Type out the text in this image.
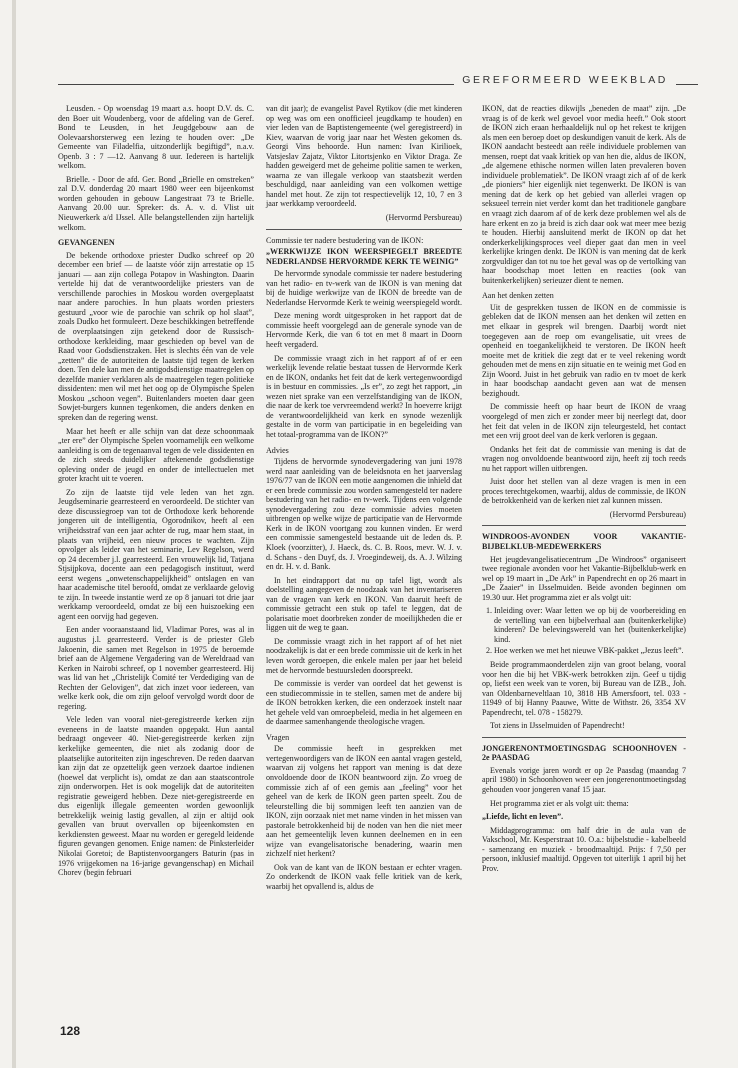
GEREFORMEERD WEEKBLAD

Leusden. - Op woensdag 19 maart a.s. hoopt D.V. ds. C. den Boer uit Woudenberg, voor de afdeling van de Geref. Bond te Leusden, in het Jeugdgebouw aan de Oolevaarshorsterweg een lezing te houden over: „De Gemeente van Filadelfia, uitzonderlijk begiftigd”, n.a.v. Openb. 3 : 7 —12. Aanvang 8 uur. Iedereen is hartelijk welkom.

Brielle. - Door de afd. Ger. Bond „Brielle en omstreken” zal D.V. donderdag 20 maart 1980 weer een bijeenkomst worden gehouden in gebouw Langestraat 73 te Brielle. Aanvang 20.00 uur. Spreker: ds. A. v. d. Vlist uit Nieuwerkerk a/d IJssel. Alle belangstellenden zijn hartelijk welkom.

GEVANGENEN

De bekende orthodoxe priester Dudko schreef op 20 december een brief — de laatste vóór zijn arrestatie op 15 januari — aan zijn collega Potapov in Washington. Daarin vertelde hij dat de verantwoordelijke priesters van de verschillende parochies in Moskou worden overgeplaatst naar andere parochies. In hun plaats worden priesters gestuurd „voor wie de parochie van schrik op hol slaat”, zoals Dudko het formuleert. Deze beschikkingen betreffende de overplaatsingen zijn getekend door de Russisch-orthodoxe kerkleiding, maar geschieden op bevel van de Raad voor Godsdienstzaken. Het is slechts één van de vele „zetten” die de autoriteiten de laatste tijd tegen de kerken doen. Ten dele kan men de antigodsdienstige maatregelen op dezelfde manier verklaren als de maatregelen tegen politieke dissidenten: men wil met het oog op de Olympische Spelen Moskou „schoon vegen”. Buitenlanders moeten daar geen Sowjet-burgers kunnen tegenkomen, die anders denken en spreken dan de regering wenst.

Maar het heeft er alle schijn van dat deze schoonmaak „ter ere” der Olympische Spelen voornamelijk een welkome aanleiding is om de tegenaanval tegen de vele dissidenten en de zich steeds duidelijker aftekenende godsdienstige opleving onder de jeugd en onder de intellectuelen met groter kracht uit te voeren.

Zo zijn de laatste tijd vele leden van het zgn. Jeugdseminarie gearresteerd en veroordeeld. De stichter van deze discussiegroep van tot de Orthodoxe kerk behorende jongeren uit de intelligentia, Ogorodnikov, heeft al een vrijheidsstraf van een jaar achter de rug, maar hem staat, in plaats van vrijheid, een nieuw proces te wachten. Zijn opvolger als leider van het seminarie, Lev Regelson, werd op 24 december j.l. gearresteerd. Een vrouwelijk lid, Tatjana Stjsijpkova, docente aan een pedagogisch instituut, werd eerst wegens „onwetenschappelijkheid” ontslagen en van haar academische titel beroofd, omdat ze verklaarde gelovig te zijn. In tweede instantie werd ze op 8 januari tot drie jaar werkkamp veroordeeld, omdat ze bij een huiszoeking een agent een oorvijg had gegeven.

Een ander vooraanstaand lid, Vladimar Pores, was al in augustus j.l. gearresteerd. Verder is de priester Gleb Jakoenin, die samen met Regelson in 1975 de beroemde brief aan de Algemene Vergadering van de Wereldraad van Kerken in Nairobi schreef, op 1 november gearresteerd. Hij was lid van het „Christelijk Comité ter Verdediging van de Rechten der Gelovigen”, dat zich inzet voor iedereen, van welke kerk ook, die om zijn geloof vervolgd wordt door de regering.

Vele leden van vooral niet-geregistreerde kerken zijn eveneens in de laatste maanden opgepakt. Hun aantal bedraagt ongeveer 40. Niet-geregistreerde kerken zijn kerkelijke gemeenten, die niet als zodanig door de plaatselijke autoriteiten zijn ingeschreven. De reden daarvan kan zijn dat ze opzettelijk geen verzoek daartoe indienen (hoewel dat verplicht is), omdat ze dan aan staatscontrole zijn onderworpen. Het is ook mogelijk dat de autoriteiten registratie geweigerd hebben. Deze niet-geregistreerde en dus eigenlijk illegale gemeenten worden gewoonlijk betrekkelijk weinig lastig gevallen, al zijn er altijd ook gevallen van bruut overvallen op bijeenkomsten en kerkdiensten geweest. Maar nu worden er geregeld leidende figuren gevangen genomen. Enige namen: de Pinksterleider Nikolai Goretoi; de Baptistenvoorgangers Baturin (pas in 1976 vrijgekomen na 16-jarige gevangenschap) en Michail Chorev (begin februari

van dit jaar); de evangelist Pavel Rytikov (die met kinderen op weg was om een onofficieel jeugdkamp te houden) en vier leden van de Baptistengemeente (wel geregistreerd) in Kiev, waarvan de vorig jaar naar het Westen gekomen ds. Georgi Vins behoorde. Hun namen: Ivan Kirilioek, Vatsjeslav Zajatz, Viktor Litortsjenko en Viktor Draga. Ze hadden geweigerd met de geheime politie samen te werken, waarna ze van illegale verkoop van staatsbezit werden beschuldigd, naar aanleiding van een volkomen wettige handel met hout. Ze zijn tot respectievelijk 12, 10, 7 en 3 jaar werkkamp veroordeeld.

(Hervormd Persbureau)

Commissie ter nadere bestudering van de IKON:
„WERKWIJZE IKON WEERSPIEGELT BREEDTE NEDERLANDSE HERVORMDE KERK TE WEINIG”

De hervormde synodale commissie ter nadere bestudering van het radio- en tv-werk van de IKON is van mening dat bij de huidige werkwijze van de IKON de breedte van de Nederlandse Hervormde Kerk te weinig weerspiegeld wordt.

Deze mening wordt uitgesproken in het rapport dat de commissie heeft voorgelegd aan de generale synode van de Hervormde Kerk, die van 6 tot en met 8 maart in Doorn heeft vergaderd.

De commissie vraagt zich in het rapport af of er een werkelijk levende relatie bestaat tussen de Hervormde Kerk en de IKON, ondanks het feit dat de kerk vertegenwoordigd is in bestuur en commissies. „Is er”, zo zegt het rapport, „in wezen niet sprake van een verzelfstandiging van de IKON, die naar de kerk toe vervreemdend werkt? In hoeverre krijgt de verantwoordelijkheid van kerk en synode wezenlijk gestalte in de vorm van participatie in en begeleiding van het totaal-programma van de IKON?”

Advies

Tijdens de hervormde synodevergadering van juni 1978 werd naar aanleiding van de beleidsnota en het jaarverslag 1976/77 van de IKON een motie aangenomen die inhield dat er een brede commissie zou worden samengesteld ter nadere bestudering van het radio- en tv-werk. Tijdens een volgende synodevergadering zou deze commissie advies moeten uitbrengen op welke wijze de participatie van de Hervormde Kerk in de IKON voortgang zou kunnen vinden. Er werd een commissie samengesteld bestaande uit de leden ds. P. Kloek (voorzitter), J. Haeck, ds. C. B. Roos, mevr. W. J. v. d. Schans - den Duyf, ds. J. Vroegindeweij, ds. A. J. Wilzing en dr. H. v. d. Bank.

In het eindrapport dat nu op tafel ligt, wordt als doelstelling aangegeven de noodzaak van het inventariseren van de vragen van kerk en IKON. Van daaruit heeft de commissie getracht een stuk op tafel te leggen, dat de polarisatie moet doorbreken zonder de moeilijkheden die er liggen uit de weg te gaan.

De commissie vraagt zich in het rapport af of het niet noodzakelijk is dat er een brede commissie uit de kerk in het leven wordt geroepen, die enkele malen per jaar het beleid met de hervormde bestuursleden doorspreekt.

De commissie is verder van oordeel dat het gewenst is een studiecommissie in te stellen, samen met de andere bij de IKON betrokken kerken, die een onderzoek instelt naar het gehele veld van omroepbeleid, media in het algemeen en de daarmee samenhangende theologische vragen.

Vragen

De commissie heeft in gesprekken met vertegenwoordigers van de IKON een aantal vragen gesteld, waarvan zij volgens het rapport van mening is dat deze onvoldoende door de IKON beantwoord zijn. Zo vroeg de commissie zich af of een gemis aan „feeling” voor het geheel van de kerk de IKON geen parten speelt. Zou de teleurstelling die bij sommigen leeft ten aanzien van de IKON, zijn oorzaak niet met name vinden in het missen van pastorale betrokkenheid bij de noden van hen die niet meer aan het gemeentelijk leven kunnen deelnemen en in een wijze van evangelisatorische benadering, waarin men zichzelf niet herkent?

Ook van de kant van de IKON bestaan er echter vragen. Zo onderkendt de IKON vaak felle kritiek van de kerk, waarbij het opvallend is, aldus de

IKON, dat de reacties dikwijls „beneden de maat” zijn. „De vraag is of de kerk wel gevoel voor media heeft.” Ook stoort de IKON zich eraan herhaaldelijk nul op het rekest te krijgen als men een beroep doet op deskundigen vanuit de kerk. Als de IKON aandacht besteedt aan reële individuele problemen van mensen, roept dat vaak kritiek op van hen die, aldus de IKON, „de algemene ethische normen willen laten prevaleren boven individuele problematiek”. De IKON vraagt zich af of de kerk „de pioniers” hier eigenlijk niet tegenwerkt. De IKON is van mening dat de kerk op het gebied van allerlei vragen op seksueel terrein niet verder komt dan het traditionele gangbare en vraagt zich daarom af of de kerk deze problemen wel als de hare erkent en zo ja breid is zich daar ook wat meer mee bezig te houden. Hierbij aansluitend merkt de IKON op dat het onderkerkelijkingsproces veel dieper gaat dan men in veel kerkelijke kringen denkt. De IKON is van mening dat de kerk zorgvuldiger dan tot nu toe het geval was op de vertolking van haar boodschap moet letten en reacties (ook van buitenkerkelijken) serieuzer dient te nemen.

Aan het denken zetten

Uit de gesprekken tussen de IKON en de commissie is gebleken dat de IKON mensen aan het denken wil zetten en met elkaar in gesprek wil brengen. Daarbij wordt niet toegegeven aan de roep om evangelisatie, uit vrees de openheid en toegankelijkheid te verstoren. De IKON heeft moeite met de kritiek die zegt dat er te veel rekening wordt gehouden met de mens en zijn situatie en te weinig met God en Zijn Woord. Juist in het gebruik van radio en tv moet de kerk in haar boodschap aandacht geven aan wat de mensen bezighoudt.

De commissie heeft op haar beurt de IKON de vraag voorgelegd of men zich er zonder meer bij neerlegt dat, door het feit dat velen in de IKON zijn teleurgesteld, het contact met een vrij groot deel van de kerk verloren is gegaan.

Ondanks het feit dat de commissie van mening is dat de vragen nog onvoldoende beantwoord zijn, heeft zij toch reeds nu het rapport willen uitbrengen.

Juist door het stellen van al deze vragen is men in een proces terechtgekomen, waarbij, aldus de commissie, de IKON de betrokkenheid van de kerken niet zal kunnen missen.

(Hervormd Persbureau)

WINDROOS-AVONDEN VOOR VAKANTIE-BIJBELKLUB-MEDEWERKERS

Het jeugdevangelisatiecentrum „De Windroos” organiseert twee regionale avonden voor het Vakantie-Bijbelklub-werk en wel op 19 maart in „De Ark” in Papendrecht en op 26 maart in „De Zaaier” in IJsselmuiden. Beide avonden beginnen om 19.30 uur. Het programma ziet er als volgt uit:

1. Inleiding over: Waar letten we op bij de voorbereiding en de vertelling van een bijbelverhaal aan (buitenkerkelijke) kinderen? De belevingswereld van het (buitenkerkelijke) kind.
2. Hoe werken we met het nieuwe VBK-pakket „Jezus leeft”.

Beide programmaonderdelen zijn van groot belang, vooral voor hen die bij het VBK-werk betrokken zijn. Geef u tijdig op, liefst een week van te voren, bij Bureau van de IZB., Joh. van Oldenbarneveltlaan 10, 3818 HB Amersfoort, tel. 033 - 11949 of bij Hanny Paauwe, Witte de Withstr. 26, 3354 XV Papendrecht, tel. 078 - 158279.

Tot ziens in IJsselmuiden of Papendrecht!

JONGERENONTMOETINGSDAG SCHOONHOVEN - 2e PAASDAG

Evenals vorige jaren wordt er op 2e Paasdag (maandag 7 april 1980) in Schoonhoven weer een jongerenontmoetingsdag gehouden voor jongeren vanaf 15 jaar.

Het programma ziet er als volgt uit: thema:

„Liefde, licht en leven”.

Middagprogramma: om half drie in de aula van de Vakschool, Mr. Kesperstraat 10. O.a.: bijbelstudie - kabelbeeld - samenzang en muziek - broodmaaltijd. Prijs: f 7,50 per persoon, inklusief maaltijd. Opgeven tot uiterlijk 1 april bij het Prov.

128
